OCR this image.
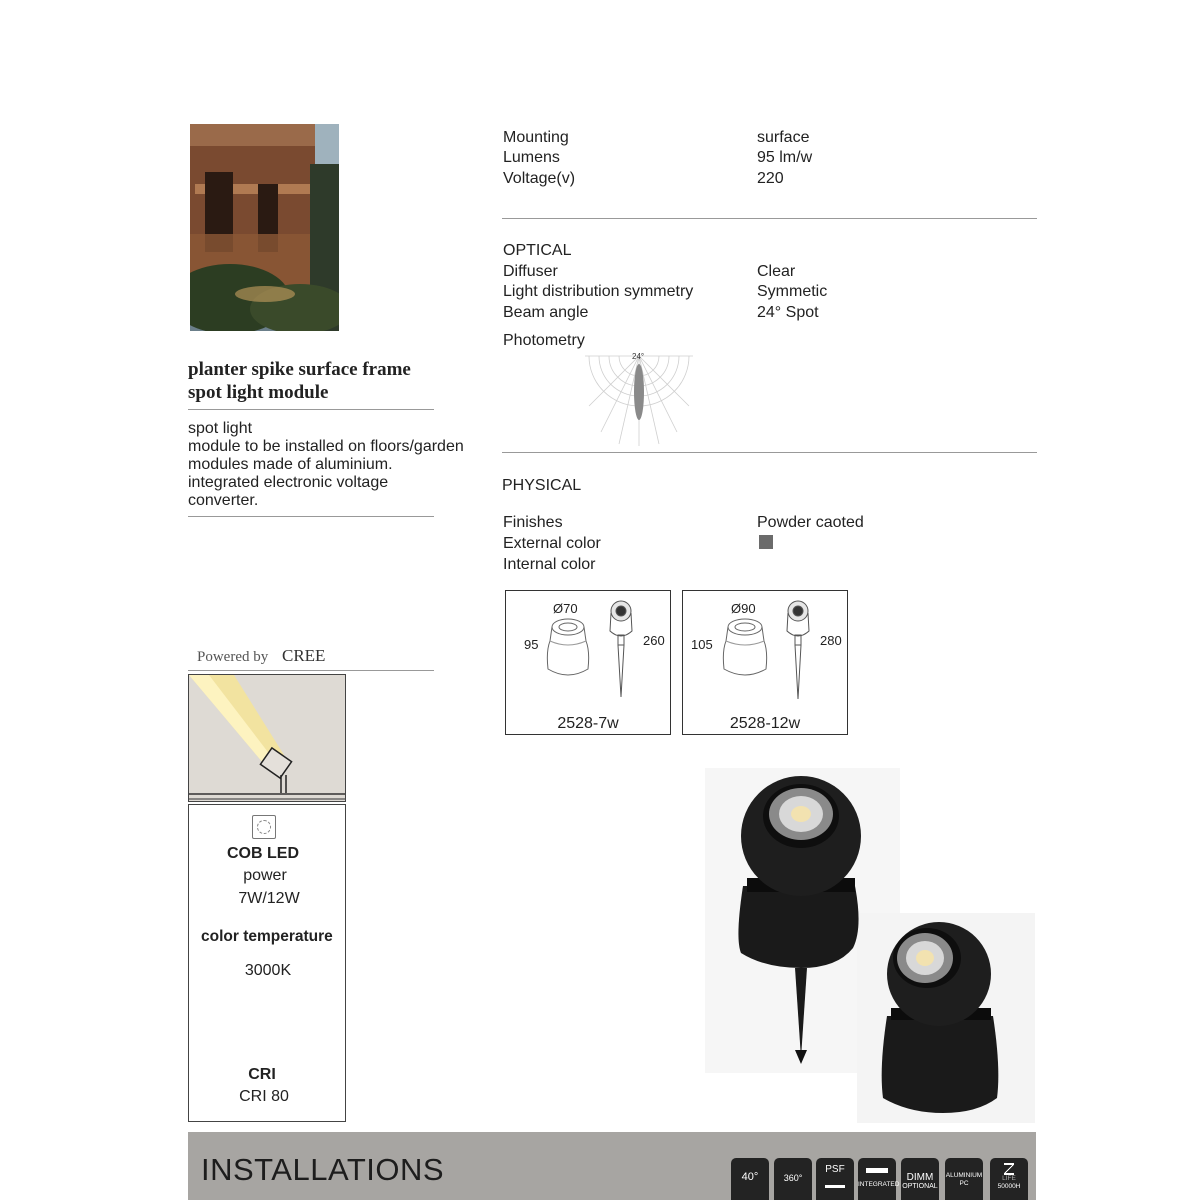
planter spike surface frame
spot light module
spot light
module to be installed on floors/garden
modules made of aluminium.
integrated electronic voltage
converter.
Powered by CREE
COB LED
power
7W/12W
color temperature
3000K
CRI
CRI 80
Mounting	surface
Lumens	95 lm/w
Voltage(v)	220
OPTICAL
Diffuser	Clear
Light distribution symmetry	Symmetic
Beam angle	24° Spot
Photometry
24°
PHYSICAL
Finishes	Powder caoted
External color
Internal color
Ø70
95	260
2528-7w
Ø90
105	280
2528-12w
INSTALLATIONS	40°	360°
PSF
INTEGRATED
DIMM
OPTIONAL
ALUMINIUM
PC
LIFE
50000H
